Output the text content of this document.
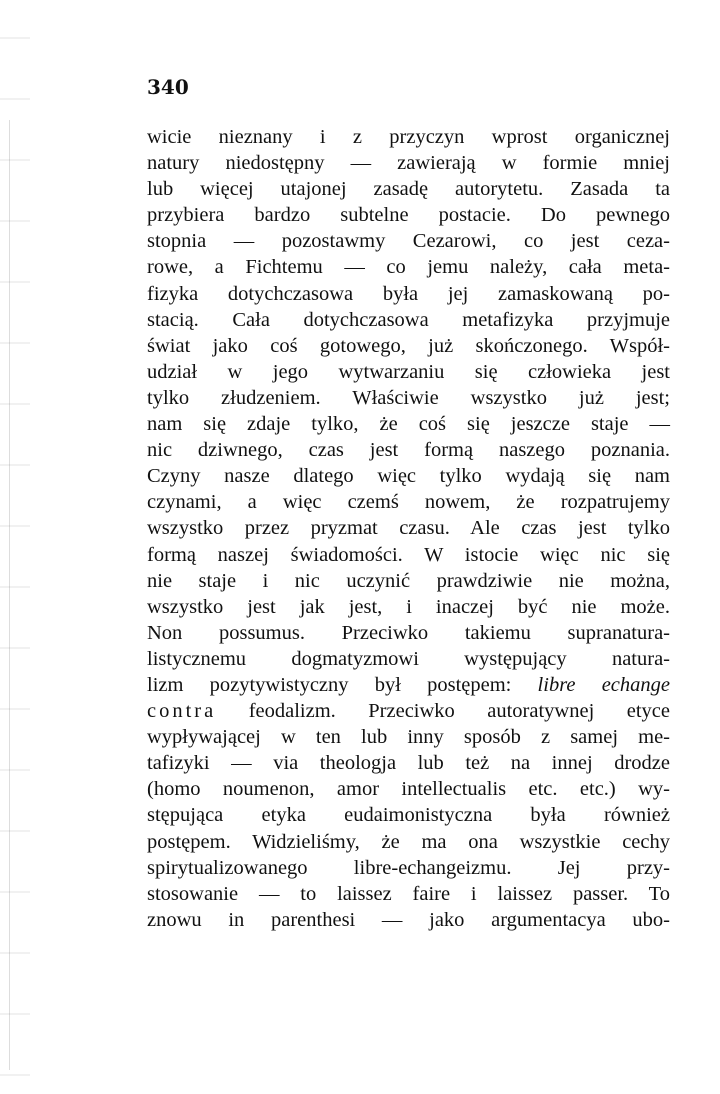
340
wicie nieznany i z przyczyn wprost organicznej
natury niedostępny — zawierają w formie mniej
lub więcej utajonej zasadę autorytetu. Zasada ta
przybiera bardzo subtelne postacie. Do pewnego
stopnia — pozostawmy Cezarowi, co jest ceza-
rowe, a Fichtemu — co jemu należy, cała meta-
fizyka dotychczasowa była jej zamaskowaną po-
stacią. Cała dotychczasowa metafizyka przyjmuje
świat jako coś gotowego, już skończonego. Współ-
udział w jego wytwarzaniu się człowieka jest
tylko złudzeniem. Właściwie wszystko już jest;
nam się zdaje tylko, że coś się jeszcze staje —
nic dziwnego, czas jest formą naszego poznania.
Czyny nasze dlatego więc tylko wydają się nam
czynami, a więc czemś nowem, że rozpatrujemy
wszystko przez pryzmat czasu. Ale czas jest tylko
formą naszej świadomości. W istocie więc nic się
nie staje i nic uczynić prawdziwie nie można,
wszystko jest jak jest, i inaczej być nie może.
Non possumus. Przeciwko takiemu supranatura-
listycznemu dogmatyzmowi występujący natura-
lizm pozytywistyczny był postępem: libre echange
contra feodalizm. Przeciwko autoratywnej etyce
wypływającej w ten lub inny sposób z samej me-
tafizyki — via theologja lub też na innej drodze
(homo noumenon, amor intellectualis etc. etc.) wy-
stępująca etyka eudaimonistyczna była również
postępem. Widzieliśmy, że ma ona wszystkie cechy
spirytualizowanego libre-echangeizmu. Jej przy-
stosowanie — to laissez faire i laissez passer. To
znowu in parenthesi — jako argumentacya ubo-
